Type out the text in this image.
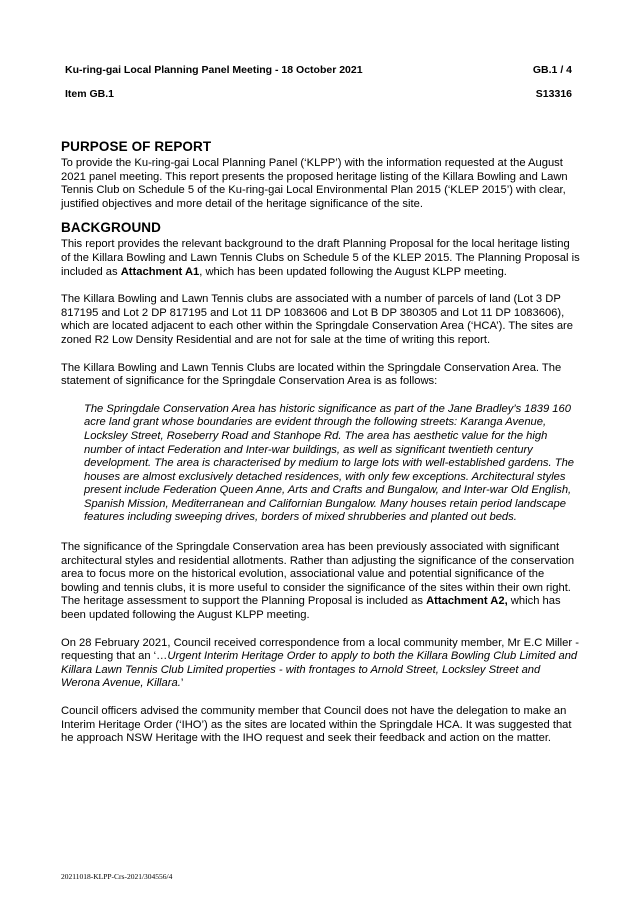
Ku-ring-gai Local Planning Panel Meeting - 18 October 2021	GB.1 / 4
Item GB.1	S13316
PURPOSE OF REPORT

To provide the Ku-ring-gai Local Planning Panel (‘KLPP’) with the information requested at the August 2021 panel meeting. This report presents the proposed heritage listing of the Killara Bowling and Lawn Tennis Club on Schedule 5 of the Ku-ring-gai Local Environmental Plan 2015 (‘KLEP 2015’) with clear, justified objectives and more detail of the heritage significance of the site.

BACKGROUND

This report provides the relevant background to the draft Planning Proposal for the local heritage listing of the Killara Bowling and Lawn Tennis Clubs on Schedule 5 of the KLEP 2015. The Planning Proposal is included as Attachment A1, which has been updated following the August KLPP meeting.

The Killara Bowling and Lawn Tennis clubs are associated with a number of parcels of land (Lot 3 DP 817195 and Lot 2 DP 817195 and Lot 11 DP 1083606 and Lot B DP 380305 and Lot 11 DP 1083606), which are located adjacent to each other within the Springdale Conservation Area (‘HCA’). The sites are zoned R2 Low Density Residential and are not for sale at the time of writing this report.

The Killara Bowling and Lawn Tennis Clubs are located within the Springdale Conservation Area. The statement of significance for the Springdale Conservation Area is as follows:

The Springdale Conservation Area has historic significance as part of the Jane Bradley’s 1839 160 acre land grant whose boundaries are evident through the following streets: Karanga Avenue, Locksley Street, Roseberry Road and Stanhope Rd. The area has aesthetic value for the high number of intact Federation and Inter-war buildings, as well as significant twentieth century development. The area is characterised by medium to large lots with well-established gardens. The houses are almost exclusively detached residences, with only few exceptions. Architectural styles present include Federation Queen Anne, Arts and Crafts and Bungalow, and Inter-war Old English, Spanish Mission, Mediterranean and Californian Bungalow. Many houses retain period landscape features including sweeping drives, borders of mixed shrubberies and planted out beds.

The significance of the Springdale Conservation area has been previously associated with significant architectural styles and residential allotments. Rather than adjusting the significance of the conservation area to focus more on the historical evolution, associational value and potential significance of the bowling and tennis clubs, it is more useful to consider the significance of the sites within their own right. The heritage assessment to support the Planning Proposal is included as Attachment A2, which has been updated following the August KLPP meeting.

On 28 February 2021, Council received correspondence from a local community member, Mr E.C Miller - requesting that an ‘…Urgent Interim Heritage Order to apply to both the Killara Bowling Club Limited and Killara Lawn Tennis Club Limited properties - with frontages to Arnold Street, Locksley Street and Werona Avenue, Killara.’

Council officers advised the community member that Council does not have the delegation to make an Interim Heritage Order (‘IHO’) as the sites are located within the Springdale HCA. It was suggested that he approach NSW Heritage with the IHO request and seek their feedback and action on the matter.

20211018-KLPP-Crs-2021/304556/4
